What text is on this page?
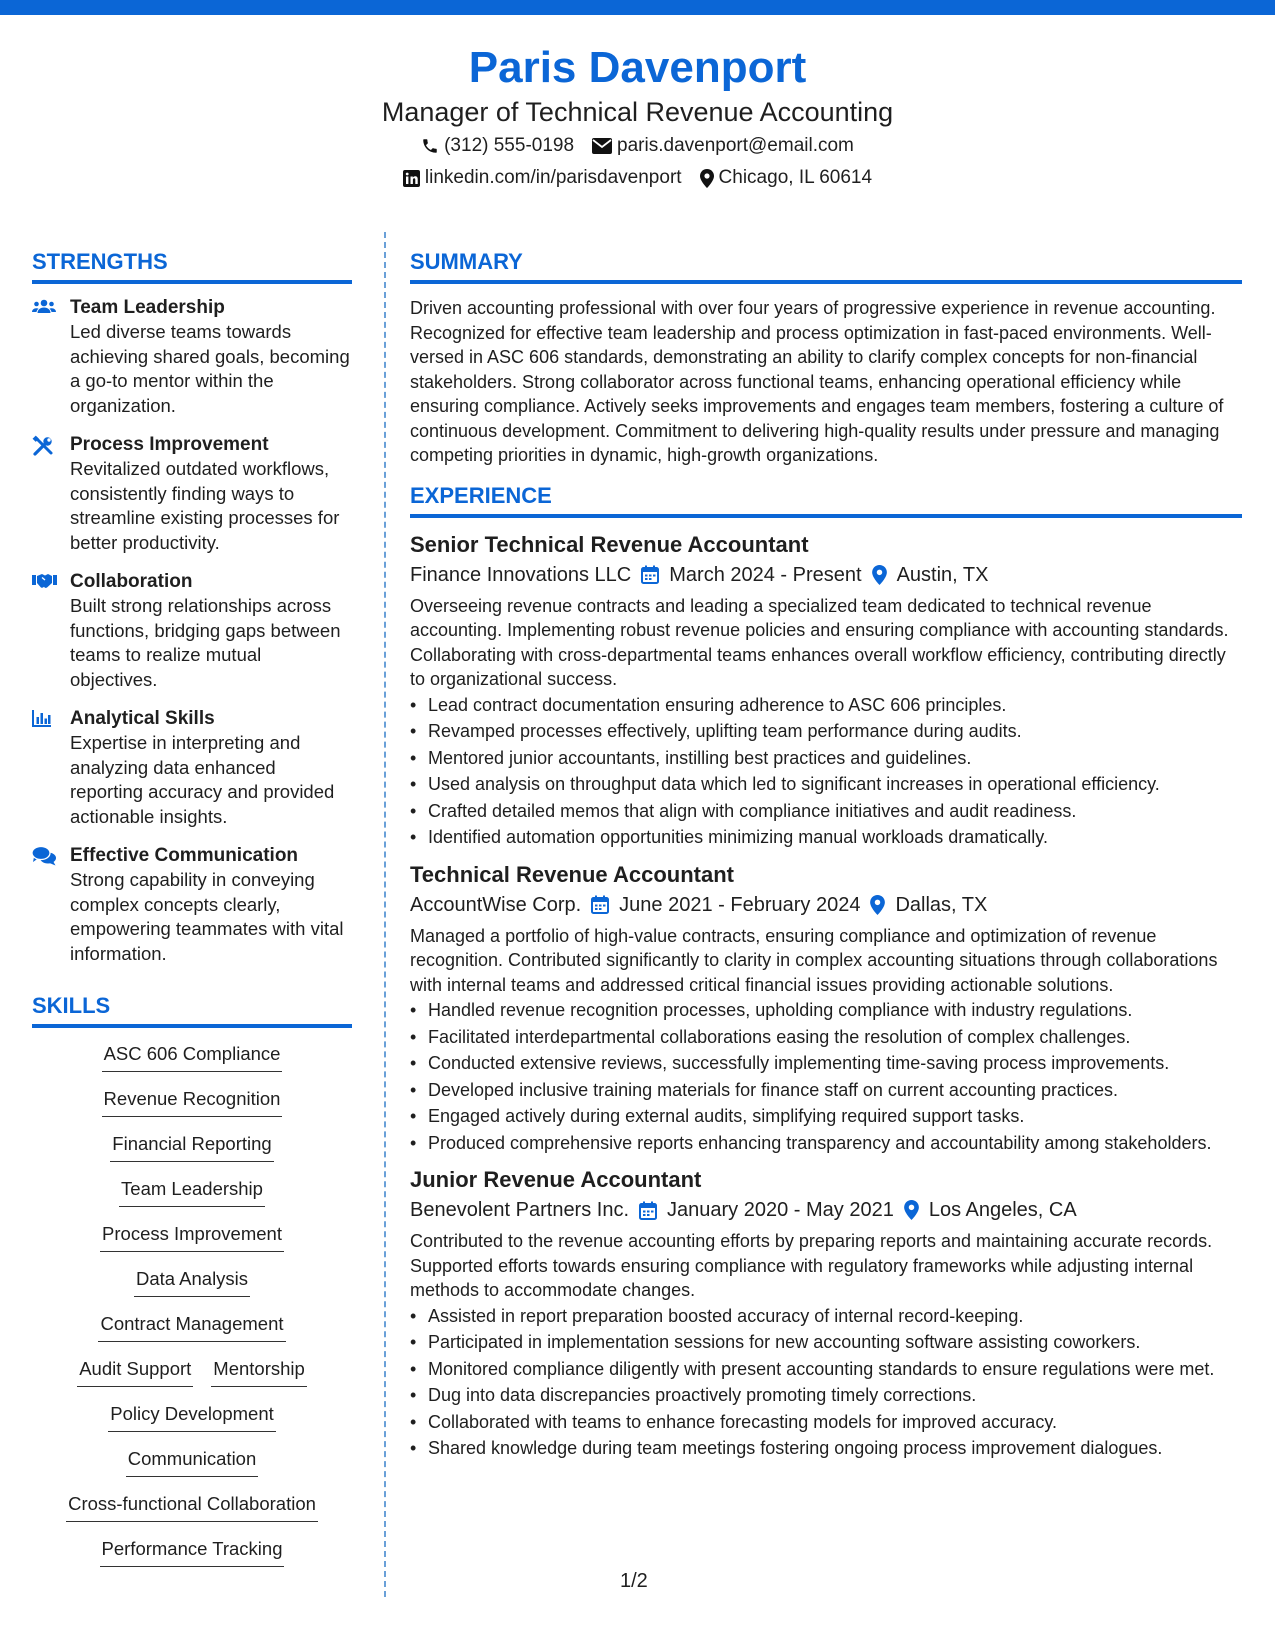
Paris Davenport
Manager of Technical Revenue Accounting
(312) 555-0198 paris.davenport@email.com
linkedin.com/in/parisdavenport Chicago, IL 60614
STRENGTHS
Team Leadership
Led diverse teams towards achieving shared goals, becoming a go-to mentor within the organization.
Process Improvement
Revitalized outdated workflows, consistently finding ways to streamline existing processes for better productivity.
Collaboration
Built strong relationships across functions, bridging gaps between teams to realize mutual objectives.
Analytical Skills
Expertise in interpreting and analyzing data enhanced reporting accuracy and provided actionable insights.
Effective Communication
Strong capability in conveying complex concepts clearly, empowering teammates with vital information.
SKILLS
ASC 606 Compliance
Revenue Recognition
Financial Reporting
Team Leadership
Process Improvement
Data Analysis
Contract Management
Audit Support Mentorship
Policy Development
Communication
Cross-functional Collaboration
Performance Tracking
SUMMARY
Driven accounting professional with over four years of progressive experience in revenue accounting. Recognized for effective team leadership and process optimization in fast-paced environments. Well-versed in ASC 606 standards, demonstrating an ability to clarify complex concepts for non-financial stakeholders. Strong collaborator across functional teams, enhancing operational efficiency while ensuring compliance. Actively seeks improvements and engages team members, fostering a culture of continuous development. Commitment to delivering high-quality results under pressure and managing competing priorities in dynamic, high-growth organizations.
EXPERIENCE
Senior Technical Revenue Accountant
Finance Innovations LLC March 2024 - Present Austin, TX
Overseeing revenue contracts and leading a specialized team dedicated to technical revenue accounting. Implementing robust revenue policies and ensuring compliance with accounting standards. Collaborating with cross-departmental teams enhances overall workflow efficiency, contributing directly to organizational success.
• Lead contract documentation ensuring adherence to ASC 606 principles.
• Revamped processes effectively, uplifting team performance during audits.
• Mentored junior accountants, instilling best practices and guidelines.
• Used analysis on throughput data which led to significant increases in operational efficiency.
• Crafted detailed memos that align with compliance initiatives and audit readiness.
• Identified automation opportunities minimizing manual workloads dramatically.
Technical Revenue Accountant
AccountWise Corp. June 2021 - February 2024 Dallas, TX
Managed a portfolio of high-value contracts, ensuring compliance and optimization of revenue recognition. Contributed significantly to clarity in complex accounting situations through collaborations with internal teams and addressed critical financial issues providing actionable solutions.
• Handled revenue recognition processes, upholding compliance with industry regulations.
• Facilitated interdepartmental collaborations easing the resolution of complex challenges.
• Conducted extensive reviews, successfully implementing time-saving process improvements.
• Developed inclusive training materials for finance staff on current accounting practices.
• Engaged actively during external audits, simplifying required support tasks.
• Produced comprehensive reports enhancing transparency and accountability among stakeholders.
Junior Revenue Accountant
Benevolent Partners Inc. January 2020 - May 2021 Los Angeles, CA
Contributed to the revenue accounting efforts by preparing reports and maintaining accurate records. Supported efforts towards ensuring compliance with regulatory frameworks while adjusting internal methods to accommodate changes.
• Assisted in report preparation boosted accuracy of internal record-keeping.
• Participated in implementation sessions for new accounting software assisting coworkers.
• Monitored compliance diligently with present accounting standards to ensure regulations were met.
• Dug into data discrepancies proactively promoting timely corrections.
• Collaborated with teams to enhance forecasting models for improved accuracy.
• Shared knowledge during team meetings fostering ongoing process improvement dialogues.
1/2
